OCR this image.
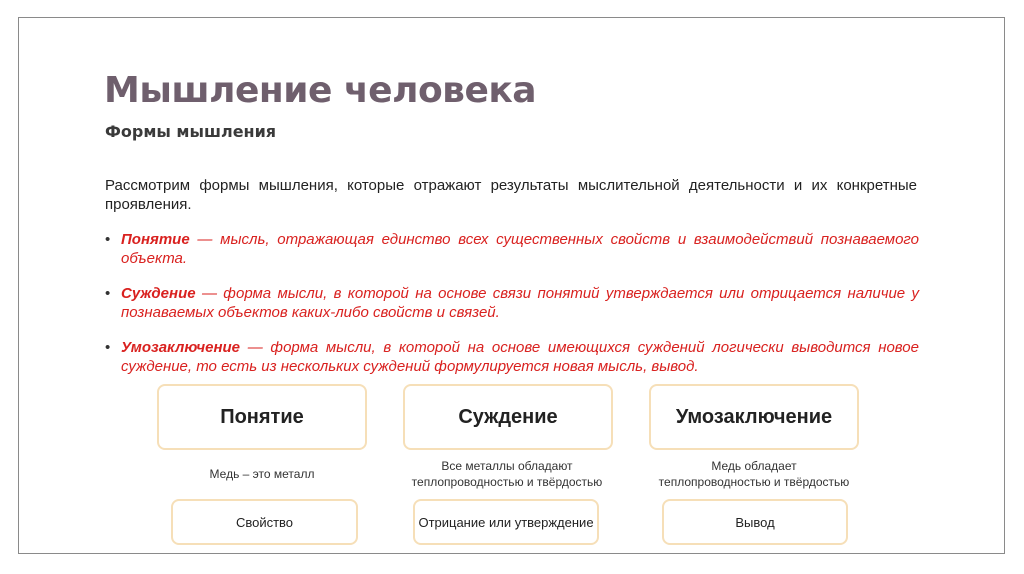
Мышление человека
Формы мышления

Рассмотрим формы мышления, которые отражают результаты мыслительной деятельности и их конкретные проявления.

• Понятие — мысль, отражающая единство всех существенных свойств и взаимодействий познаваемого объекта.
• Суждение — форма мысли, в которой на основе связи понятий утверждается или отрицается наличие у познаваемых объектов каких-либо свойств и связей.
• Умозаключение — форма мысли, в которой на основе имеющихся суждений логически выводится новое суждение, то есть из нескольких суждений формулируется новая мысль, вывод.
Понятие
Медь – это металл
Свойство
Суждение
Все металлы обладают
теплопроводностью и твёрдостью
Отрицание или утверждение
Умозаключение
Медь обладает
теплопроводностью и твёрдостью
Вывод
